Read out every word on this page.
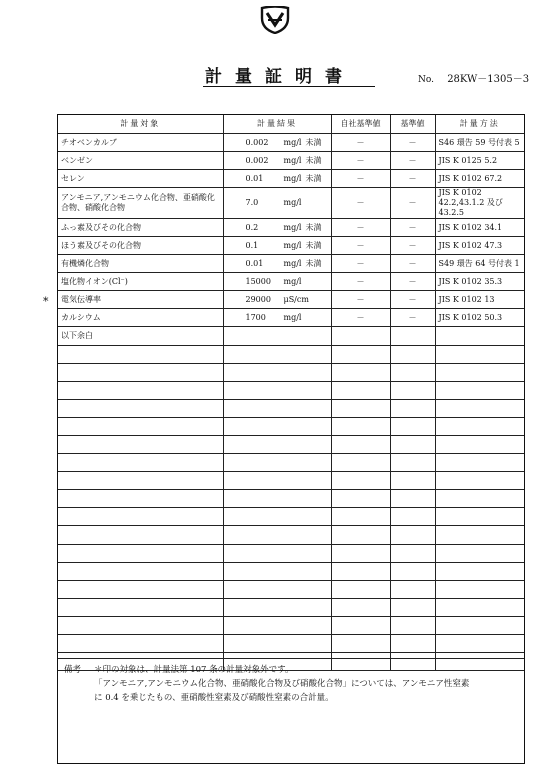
計量証明書	No. 28KW－1305－3
*
計量対象	計量結果	自社基準値	基準値	計量方法
チオベンカルブ	0.002 mg/l 未満	－	－	S46 環告 59 号付表 5
ベンゼン	0.002 mg/l 未満	－	－	JIS K 0125 5.2
セレン	0.01 mg/l 未満	－	－	JIS K 0102 67.2
アンモニア,アンモニウム化合物、亜硝酸化合物、硝酸化合物	7.0 mg/l	－	－	JIS K 0102 42.2,43.1.2 及び 43.2.5
ふっ素及びその化合物	0.2 mg/l 未満	－	－	JIS K 0102 34.1
ほう素及びその化合物	0.1 mg/l 未満	－	－	JIS K 0102 47.3
有機燐化合物	0.01 mg/l 未満	－	－	S49 環告 64 号付表 1
塩化物イオン(Cl⁻)	15000 mg/l	－	－	JIS K 0102 35.3
電気伝導率	29000 μS/cm	－	－	JIS K 0102 13
カルシウム	1700 mg/l	－	－	JIS K 0102 50.3
以下余白				

備考	＊印の対象は、計量法第 107 条の計量対象外です。
「アンモニア,アンモニウム化合物、亜硝酸化合物及び硝酸化合物」については、アンモニア性窒素
に 0.4 を乗じたもの、亜硝酸性窒素及び硝酸性窒素の合計量。
